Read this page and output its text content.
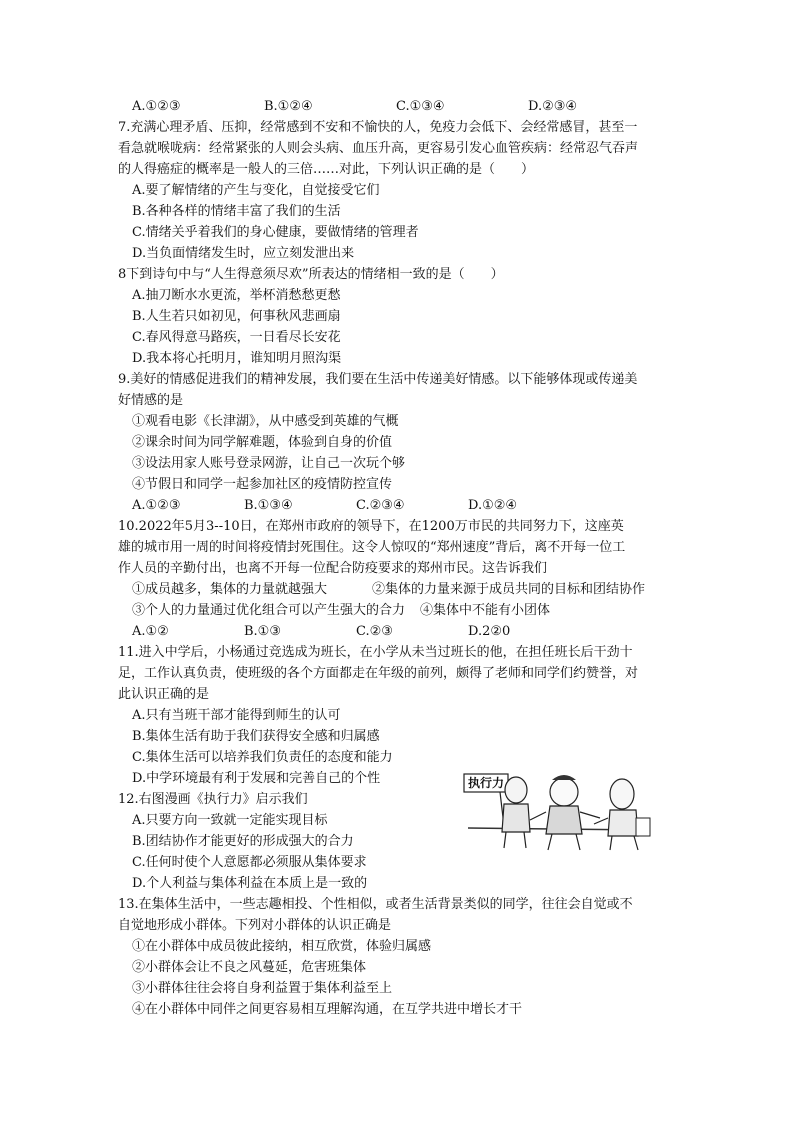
A.①②③	B.①②④	C.①③④	D.②③④
7.充满心理矛盾、压抑，经常感到不安和不愉快的人，免疫力会低下、会经常感冒，甚至一
看急就喉咙病：经常紧张的人则会头病、血压升高，更容易引发心血管疾病：经常忍气吞声
的人得癌症的概率是一般人的三倍……对此，下列认识正确的是（　　）
A.要了解情绪的产生与变化，自觉接受它们
B.各种各样的情绪丰富了我们的生活
C.情绪关乎着我们的身心健康，要做情绪的管理者
D.当负面情绪发生时，应立刻发泄出来
8下到诗句中与“人生得意须尽欢”所表达的情绪相一致的是（　　）
A.抽刀断水水更流，举杯消愁愁更愁
B.人生若只如初见，何事秋风悲画扇
C.春风得意马路疾，一日看尽长安花
D.我本将心托明月，谁知明月照沟渠
9.美好的情感促进我们的精神发展，我们要在生活中传递美好情感。以下能够体现或传递美
好情感的是
①观看电影《长津湖》，从中感受到英雄的气概
②课余时间为同学解难题，体验到自身的价值
③设法用家人账号登录网游，让自己一次玩个够
④节假日和同学一起参加社区的疫情防控宣传
A.①②③	B.①③④	C.②③④	D.①②④
10.2022年5月3--10日，在郑州市政府的领导下，在1200万市民的共同努力下，这座英
雄的城市用一周的时间将疫情封死围住。这令人惊叹的“郑州速度”背后，离不开每一位工
作人员的辛勤付出，也离不开每一位配合防疫要求的郑州市民。这告诉我们
①成员越多，集体的力量就越强大	②集体的力量来源于成员共同的目标和团结协作
③个人的力量通过优化组合可以产生强大的合力	④集体中不能有小团体
A.①②	B.①③	C.②③	D.2②0
11.进入中学后，小杨通过竞选成为班长，在小学从未当过班长的他，在担任班长后干劲十
足，工作认真负责，使班级的各个方面都走在年级的前列，颇得了老师和同学们约赞誉，对
此认识正确的是
A.只有当班干部才能得到师生的认可
B.集体生活有助于我们获得安全感和归属感
C.集体生活可以培养我们负责任的态度和能力
D.中学环境最有利于发展和完善自己的个性
12.右图漫画《执行力》启示我们
A.只要方向一致就一定能实现目标
B.团结协作才能更好的形成强大的合力
C.任何时使个人意愿都必须服从集体要求
D.个人利益与集体利益在本质上是一致的
13.在集体生活中，一些志趣相投、个性相似，或者生活背景类似的同学，往往会自觉或不
自觉地形成小群体。下列对小群体的认识正确是
①在小群体中成员彼此接纳，相互欣赏，体验归属感
②小群体会让不良之风蔓延，危害班集体
③小群体往往会将自身利益置于集体利益至上
④在小群体中同伴之间更容易相互理解沟通，在互学共进中增长才干
执行力
